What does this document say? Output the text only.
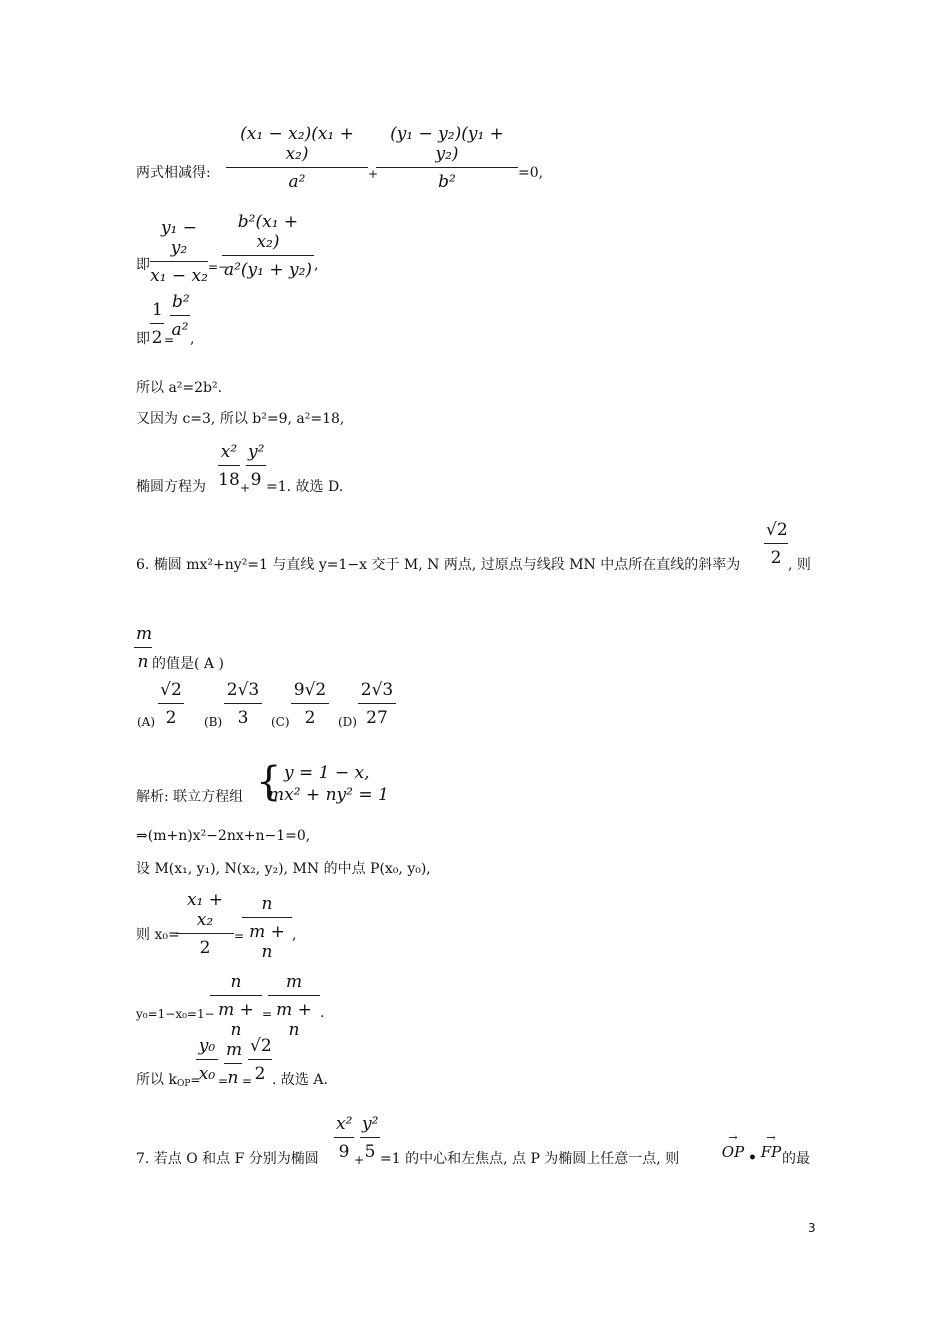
两式相减得:
(x₁ − x₂)(x₁ + x₂)
a²	+
(y₁ − y₂)(y₁ + y₂)
b²	=0,
即
y₁ − y₂
x₁ − x₂ =−
b²(x₁ + x₂)
a²(y₁ + y₂) ,
即
1
2 =
b²
a² ,
所以 a²=2b².
又因为 c=3, 所以 b²=9, a²=18,
椭圆方程为
x²
18 +
y²
9 =1. 故选 D.
6. 椭圆 mx²+ny²=1 与直线 y=1−x 交于 M, N 两点, 过原点与线段 MN 中点所在直线的斜率为
√2
2 , 则
m
n 的值是( A )
(A)
√2
2	(B)
2√3
3	(C)
9√2
2	(D)
2√3
27
解析: 联立方程组 { y = 1 − x,
mx² + ny² = 1
⇒(m+n)x²−2nx+n−1=0,
设 M(x₁, y₁), N(x₂, y₂), MN 的中点 P(x₀, y₀),
则 x₀=
x₁ + x₂
2
=
n
m + n
,
y₀=1−x₀=1−
n
m + n
=
m
m + n
.
所以 $k_{OP}=$
y₀
x₀ =
m
n =
√2
2 . 故选 A.
7. 若点 O 和点 F 分别为椭圆
x²
9 +
y²
5 =1 的中心和左焦点, 点 P 为椭圆上任意一点, 则
→
OP •
→
FP 的最
3
